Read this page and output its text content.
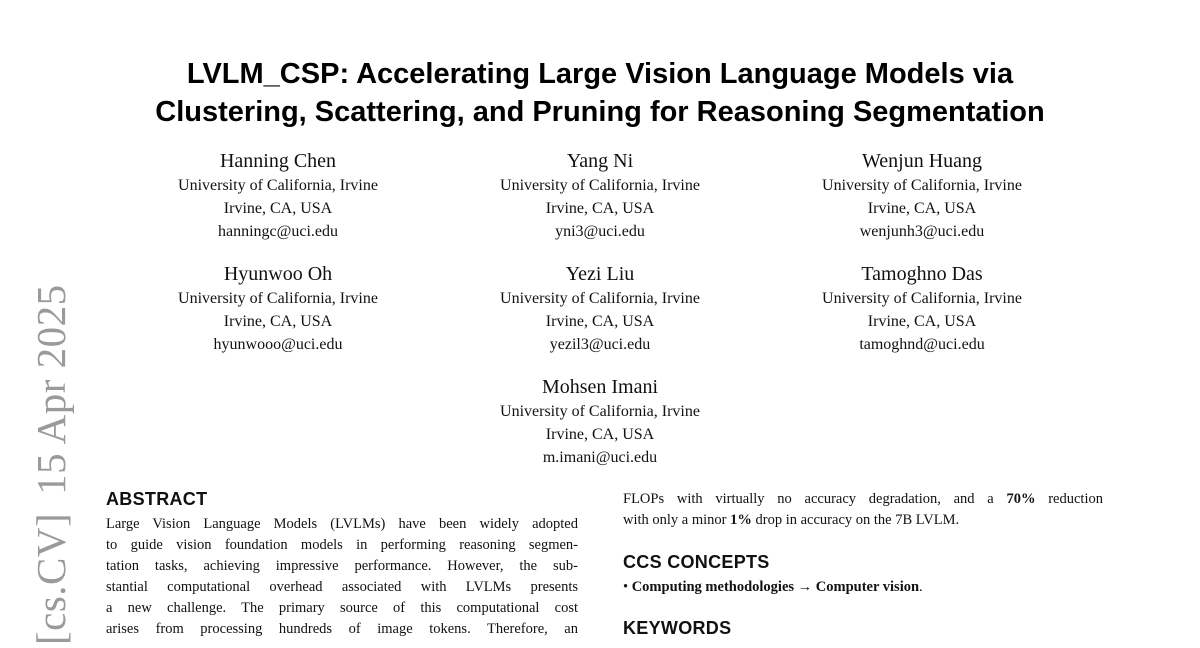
[cs.CV]15 Apr 2025
LVLM_CSP: Accelerating Large Vision Language Models via
Clustering, Scattering, and Pruning for Reasoning Segmentation
Hanning Chen
University of California, Irvine
Irvine, CA, USA
hanningc@uci.edu
Yang Ni
University of California, Irvine
Irvine, CA, USA
yni3@uci.edu
Wenjun Huang
University of California, Irvine
Irvine, CA, USA
wenjunh3@uci.edu
Hyunwoo Oh
University of California, Irvine
Irvine, CA, USA
hyunwooo@uci.edu
Yezi Liu
University of California, Irvine
Irvine, CA, USA
yezil3@uci.edu
Tamoghno Das
University of California, Irvine
Irvine, CA, USA
tamoghnd@uci.edu
Mohsen Imani
University of California, Irvine
Irvine, CA, USA
m.imani@uci.edu
ABSTRACT
Large Vision Language Models (LVLMs) have been widely adopted
to guide vision foundation models in performing reasoning segmen-
tation tasks, achieving impressive performance. However, the sub-
stantial computational overhead associated with LVLMs presents
a new challenge. The primary source of this computational cost
arises from processing hundreds of image tokens. Therefore, an
FLOPs with virtually no accuracy degradation, and a 70% reduction
with only a minor 1% drop in accuracy on the 7B LVLM.
CCS CONCEPTS
• Computing methodologies → Computer vision.
KEYWORDS
